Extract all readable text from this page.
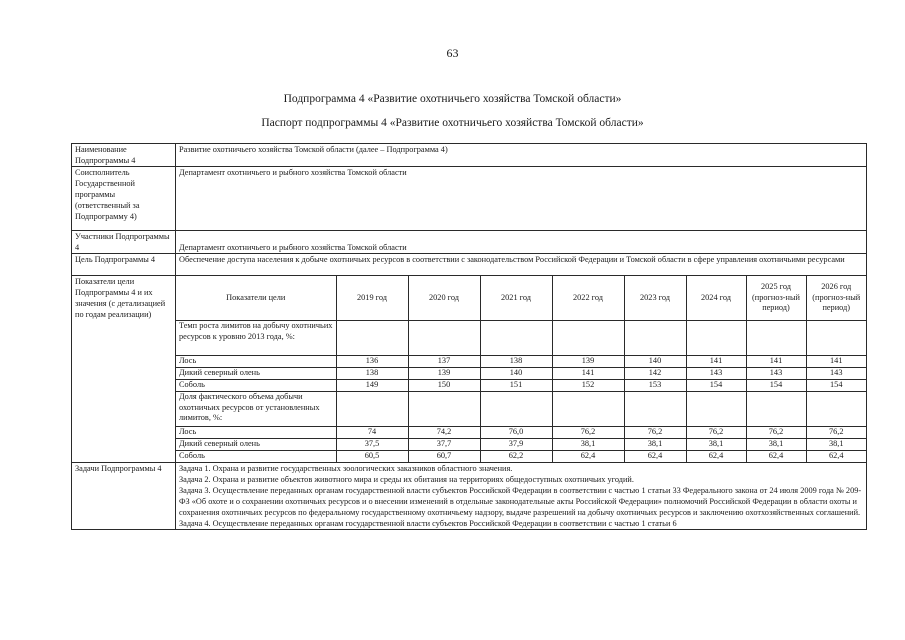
63
Подпрограмма 4 «Развитие охотничьего хозяйства Томской области»
Паспорт подпрограммы 4 «Развитие охотничьего хозяйства Томской области»
Наименование Подпрограммы 4	Развитие охотничьего хозяйства Томской области (далее – Подпрограмма 4)
Соисполнитель Государственной программы (ответственный за Подпрограмму 4)	Департамент охотничьего и рыбного хозяйства Томской области
Участники Подпрограммы 4	Департамент охотничьего и рыбного хозяйства Томской области
Цель Подпрограммы 4	Обеспечение доступа населения к добыче охотничьих ресурсов в соответствии с законодательством Российской Федерации и Томской области в сфере управления охотничьими ресурсами
Показатели цели Подпрограммы 4 и их значения (с детализацией по годам реализации)	
Показатели цели	2019 год	2020 год	2021 год	2022 год	2023 год	2024 год	2025 год (прогноз-ный период)	2026 год (прогноз-ный период)
Темп роста лимитов на добычу охотничьих ресурсов к уровню 2013 года, %:								
Лось	136	137	138	139	140	141	141	141
Дикий северный олень	138	139	140	141	142	143	143	143
Соболь	149	150	151	152	153	154	154	154
Доля фактического объема добычи охотничьих ресурсов от установленных лимитов, %:								
Лось	74	74,2	76,0	76,2	76,2	76,2	76,2	76,2
Дикий северный олень	37,5	37,7	37,9	38,1	38,1	38,1	38,1	38,1
Соболь	60,5	60,7	62,2	62,4	62,4	62,4	62,4	62,4

Задачи Подпрограммы 4	Задача 1. Охрана и развитие государственных зоологических заказников областного значения.

Задача 2. Охрана и развитие объектов животного мира и среды их обитания на территориях общедоступных охотничьих угодий.

Задача 3. Осуществление переданных органам государственной власти субъектов Российской Федерации в соответствии с частью 1 статьи 33 Федерального закона от 24 июля 2009 года № 209-ФЗ «Об охоте и о сохранении охотничьих ресурсов и о внесении изменений в отдельные законодательные акты Российской Федерации» полномочий Российской Федерации в области охоты и сохранения охотничьих ресурсов по федеральному государственному охотничьему надзору, выдаче разрешений на добычу охотничьих ресурсов и заключению охотхозяйственных соглашений.

Задача 4. Осуществление переданных органам государственной власти субъектов Российской Федерации в соответствии с частью 1 статьи 6
